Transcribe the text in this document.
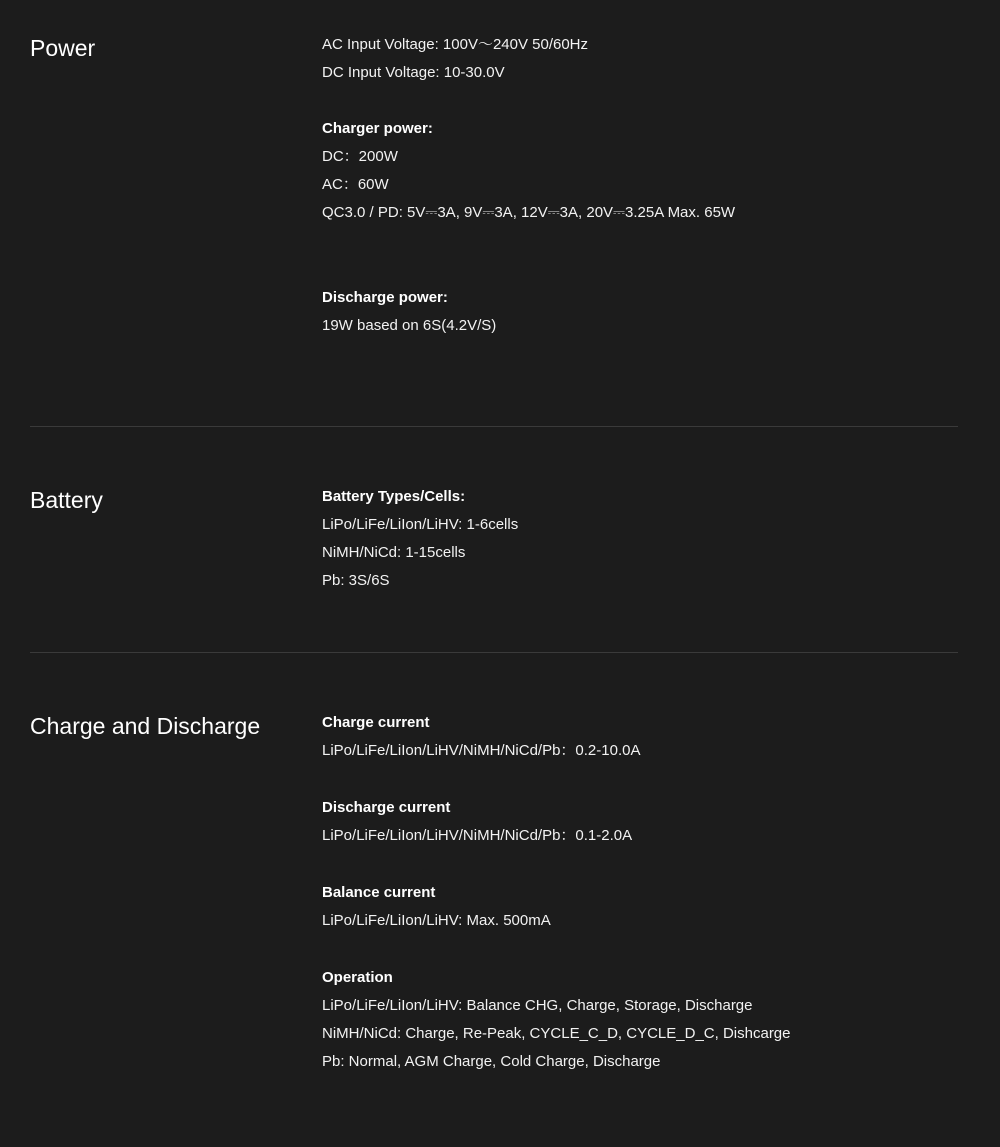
Power	AC Input Voltage: 100V～240V 50/60Hz
DC Input Voltage: 10-30.0V
Charger power:
DC：200W
AC：60W
QC3.0 / PD: 5V⎓3A, 9V⎓3A, 12V⎓3A, 20V⎓3.25A Max. 65W
Discharge power:
19W based on 6S(4.2V/S)
Battery	Battery Types/Cells:
LiPo/LiFe/LiIon/LiHV: 1-6cells
NiMH/NiCd: 1-15cells
Pb: 3S/6S
Charge and Discharge	Charge current
LiPo/LiFe/LiIon/LiHV/NiMH/NiCd/Pb：0.2-10.0A
Discharge current
LiPo/LiFe/LiIon/LiHV/NiMH/NiCd/Pb：0.1-2.0A
Balance current
LiPo/LiFe/LiIon/LiHV: Max. 500mA
Operation
LiPo/LiFe/LiIon/LiHV: Balance CHG, Charge, Storage, Discharge
NiMH/NiCd: Charge, Re-Peak, CYCLE_C_D, CYCLE_D_C, Dishcarge
Pb: Normal, AGM Charge, Cold Charge, Discharge
